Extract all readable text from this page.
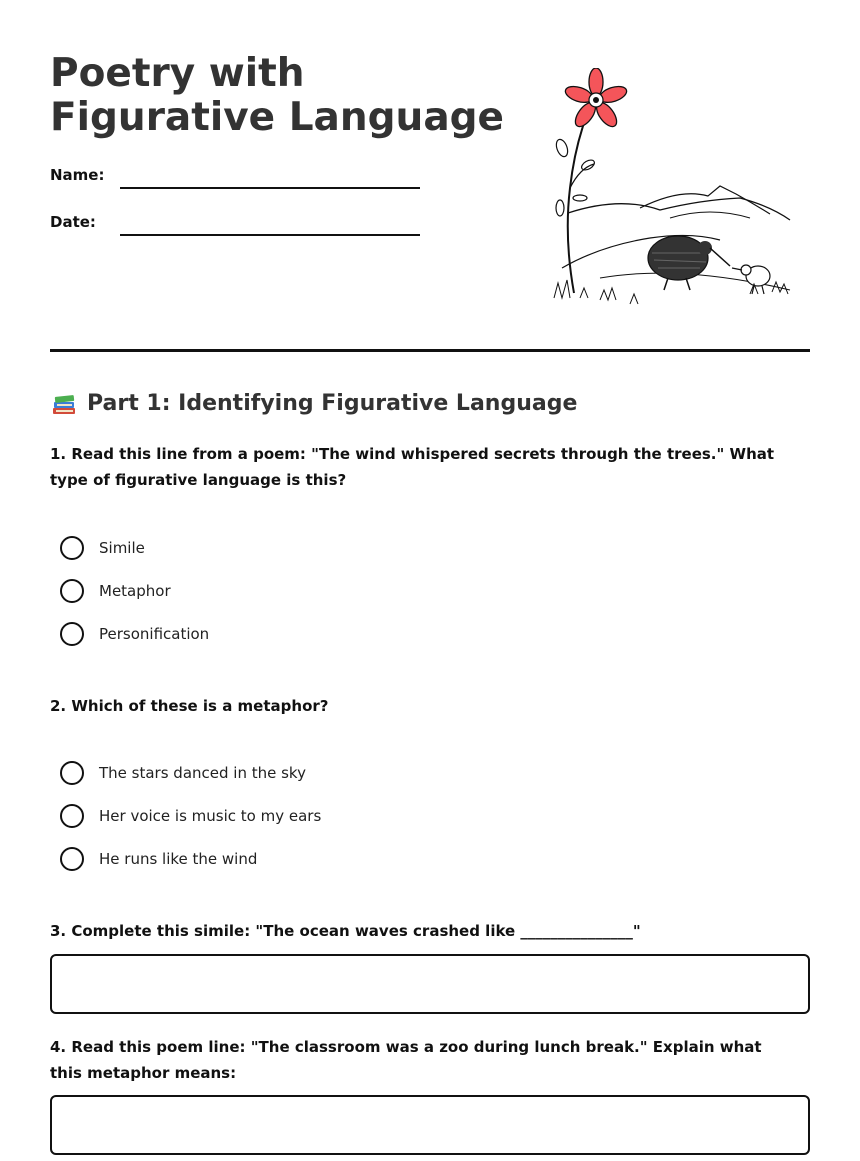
Poetry with Figurative Language
Name:
Date:
Part 1: Identifying Figurative Language
1. Read this line from a poem: "The wind whispered secrets through the trees." What type of figurative language is this?
Simile
Metaphor
Personification
2. Which of these is a metaphor?
The stars danced in the sky
Her voice is music to my ears
He runs like the wind
3. Complete this simile: "The ocean waves crashed like _______________"
4. Read this poem line: "The classroom was a zoo during lunch break." Explain what this metaphor means:
